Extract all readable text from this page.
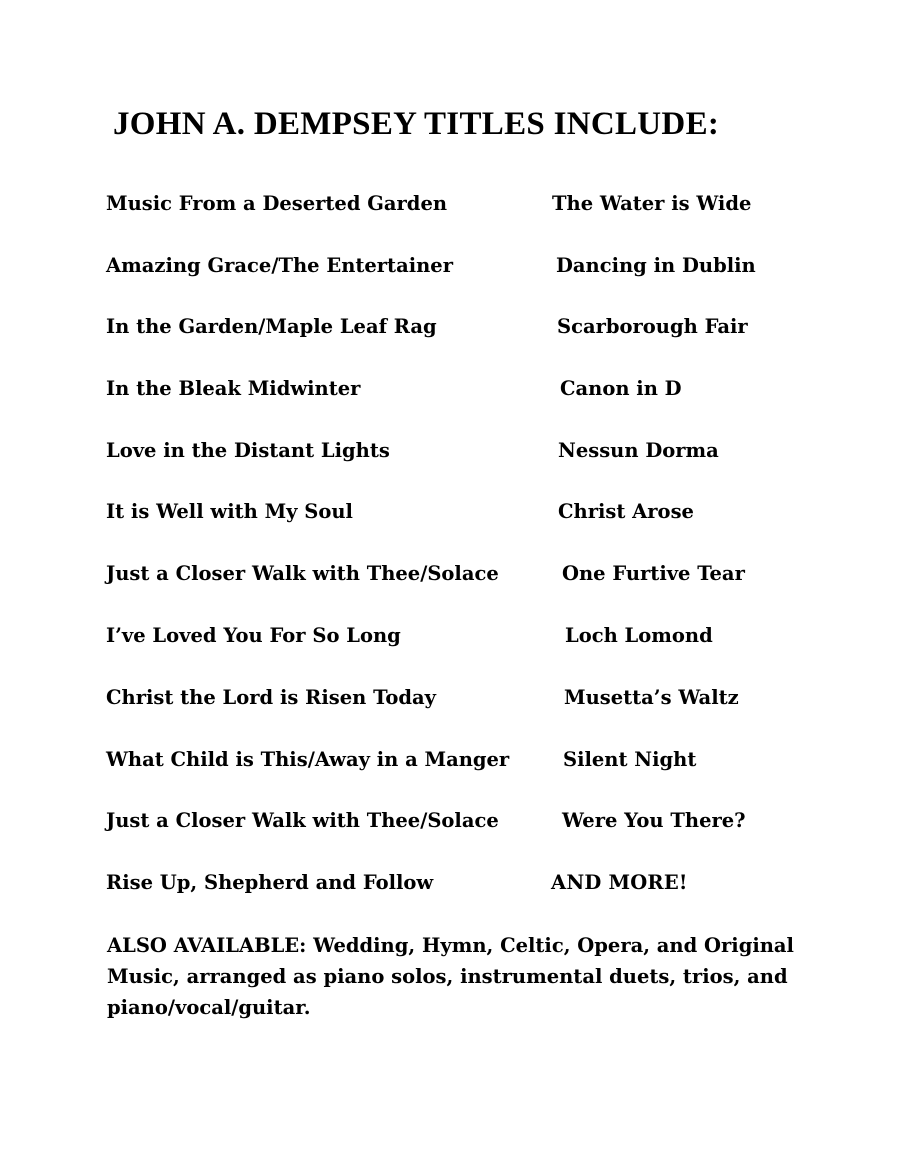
JOHN A. DEMPSEY TITLES INCLUDE:
Music From a Deserted Garden
Amazing Grace/The Entertainer
In the Garden/Maple Leaf Rag
In the Bleak Midwinter
Love in the Distant Lights
It is Well with My Soul
Just a Closer Walk with Thee/Solace
I’ve Loved You For So Long
Christ the Lord is Risen Today
What Child is This/Away in a Manger
Just a Closer Walk with Thee/Solace
Rise Up, Shepherd and Follow
The Water is Wide
Dancing in Dublin
Scarborough Fair
Canon in D
Nessun Dorma
Christ Arose
One Furtive Tear
Loch Lomond
Musetta’s Waltz
Silent Night
Were You There?
AND MORE!

ALSO AVAILABLE: Wedding, Hymn, Celtic, Opera, and Original Music, arranged as piano solos, instrumental duets, trios, and piano/vocal/guitar.
